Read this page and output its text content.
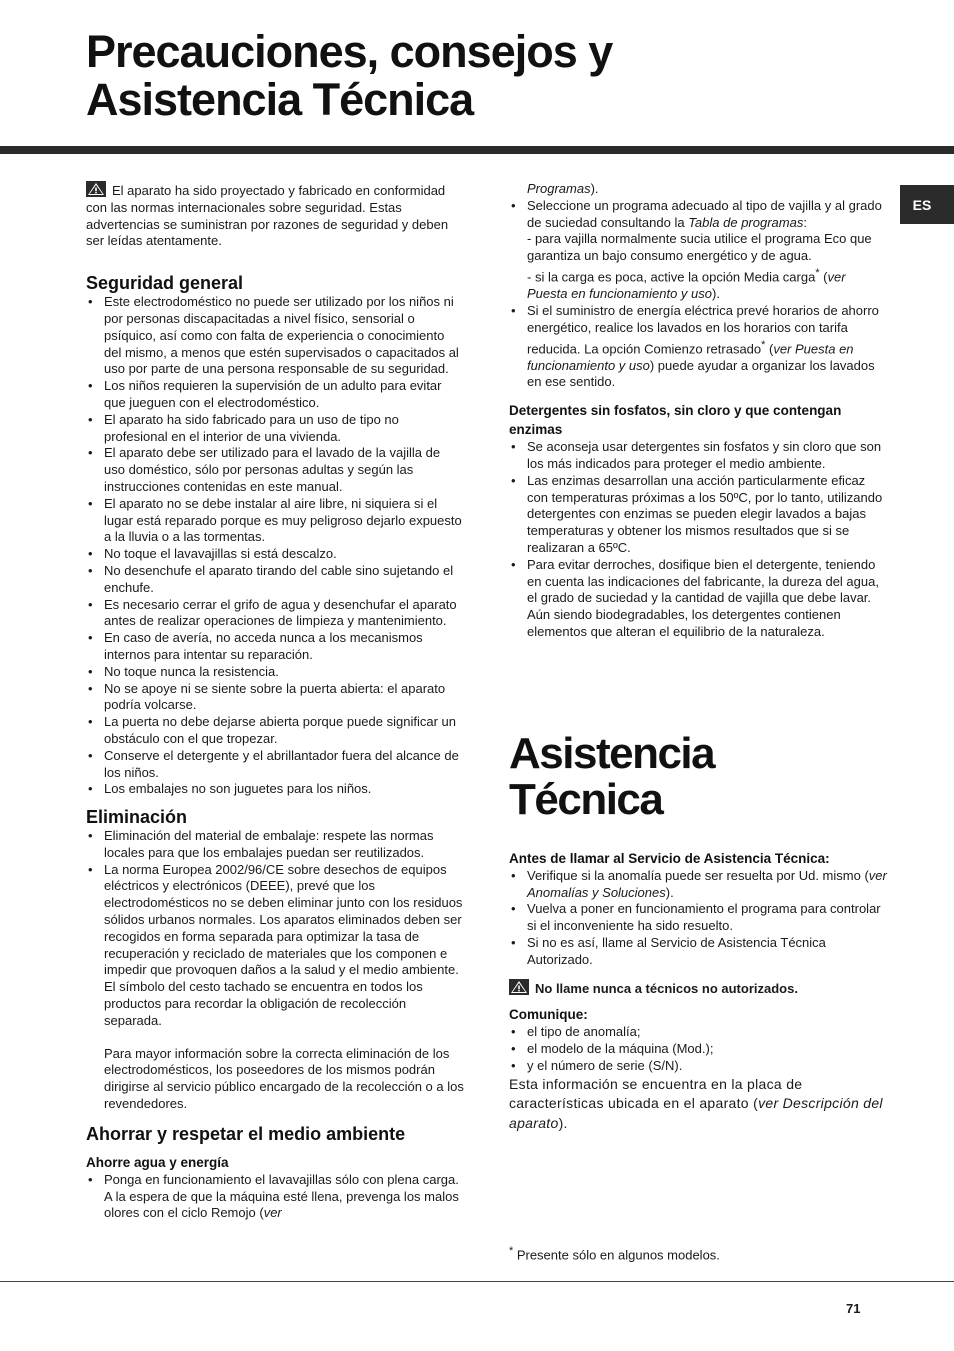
Precauciones, consejos y
Asistencia Técnica
ES

El aparato ha sido proyectado y fabricado en conformidad con las normas internacionales sobre seguridad. Estas advertencias se suministran por razones de seguridad y deben ser leídas atentamente.

Seguridad general
• Este electrodoméstico no puede ser utilizado por los niños ni por personas discapacitadas a nivel físico, sensorial o psíquico, así como con falta de experiencia o conocimiento del mismo, a menos que estén supervisados o capacitados al uso por parte de una persona responsable de su seguridad.
• Los niños requieren la supervisión de un adulto para evitar que jueguen con el electrodoméstico.
• El aparato ha sido fabricado para un uso de tipo no profesional en el interior de una vivienda.
• El aparato debe ser utilizado para el lavado de la vajilla de uso doméstico, sólo por personas adultas y según las instrucciones contenidas en este manual.
• El aparato no se debe instalar al aire libre, ni siquiera si el lugar está reparado porque es muy peligroso dejarlo expuesto a la lluvia o a las tormentas.
• No toque el lavavajillas si está descalzo.
• No desenchufe el aparato tirando del cable sino sujetando el enchufe.
• Es necesario cerrar el grifo de agua y desenchufar el aparato antes de realizar operaciones de limpieza y mantenimiento.
• En caso de avería, no acceda nunca a los mecanismos internos para intentar su reparación.
• No toque nunca la resistencia.
• No se apoye ni se siente sobre la puerta abierta: el aparato podría volcarse.
• La puerta no debe dejarse abierta porque puede significar un obstáculo con el que tropezar.
• Conserve el detergente y el abrillantador fuera del alcance de los niños.
• Los embalajes no son juguetes para los niños.
Eliminación
• Eliminación del material de embalaje: respete las normas locales para que los embalajes puedan ser reutilizados.
• La norma Europea 2002/96/CE sobre desechos de equipos eléctricos y electrónicos (DEEE), prevé que los electrodomésticos no se deben eliminar junto con los residuos sólidos urbanos normales. Los aparatos eliminados deben ser recogidos en forma separada para optimizar la tasa de recuperación y reciclado de materiales que los componen e impedir que provoquen daños a la salud y el medio ambiente. El símbolo del cesto tachado se encuentra en todos los productos para recordar la obligación de recolección separada.

Para mayor información sobre la correcta eliminación de los electrodomésticos, los poseedores de los mismos podrán dirigirse al servicio público encargado de la recolección o a los revendedores.

Ahorrar y respetar el medio ambiente
Ahorre agua y energía
• Ponga en funcionamiento el lavavajillas sólo con plena carga. A la espera de que la máquina esté llena, prevenga los malos olores con el ciclo Remojo (ver

Programas).

• Seleccione un programa adecuado al tipo de vajilla y al grado de suciedad consultando la Tabla de programas:
- para vajilla normalmente sucia utilice el programa Eco que garantiza un bajo consumo energético y de agua.
- si la carga es poca, active la opción Media carga* (ver Puesta en funcionamiento y uso).
• Si el suministro de energía eléctrica prevé horarios de ahorro energético, realice los lavados en los horarios con tarifa reducida. La opción Comienzo retrasado* (ver Puesta en funcionamiento y uso) puede ayudar a organizar los lavados en ese sentido.
Detergentes sin fosfatos, sin cloro y que contengan enzimas
• Se aconseja usar detergentes sin fosfatos y sin cloro que son los más indicados para proteger el medio ambiente.
• Las enzimas desarrollan una acción particularmente eficaz con temperaturas próximas a los 50ºC, por lo tanto, utilizando detergentes con enzimas se pueden elegir lavados a bajas temperaturas y obtener los mismos resultados que si se realizaran a 65ºC.
• Para evitar derroches, dosifique bien el detergente, teniendo en cuenta las indicaciones del fabricante, la dureza del agua, el grado de suciedad y la cantidad de vajilla que debe lavar. Aún siendo biodegradables, los detergentes contienen elementos que alteran el equilibrio de la naturaleza.
Asistencia
Técnica
Antes de llamar al Servicio de Asistencia Técnica:
• Verifique si la anomalía puede ser resuelta por Ud. mismo (ver Anomalías y Soluciones).
• Vuelva a poner en funcionamiento el programa para controlar si el inconveniente ha sido resuelto.
• Si no es así, llame al Servicio de Asistencia Técnica Autorizado.

No llame nunca a técnicos no autorizados.

Comunique:
• el tipo de anomalía;
• el modelo de la máquina (Mod.);
• y el número de serie (S/N).

Esta información se encuentra en la placa de características ubicada en el aparato (ver Descripción del aparato).

* Presente sólo en algunos modelos.

71
